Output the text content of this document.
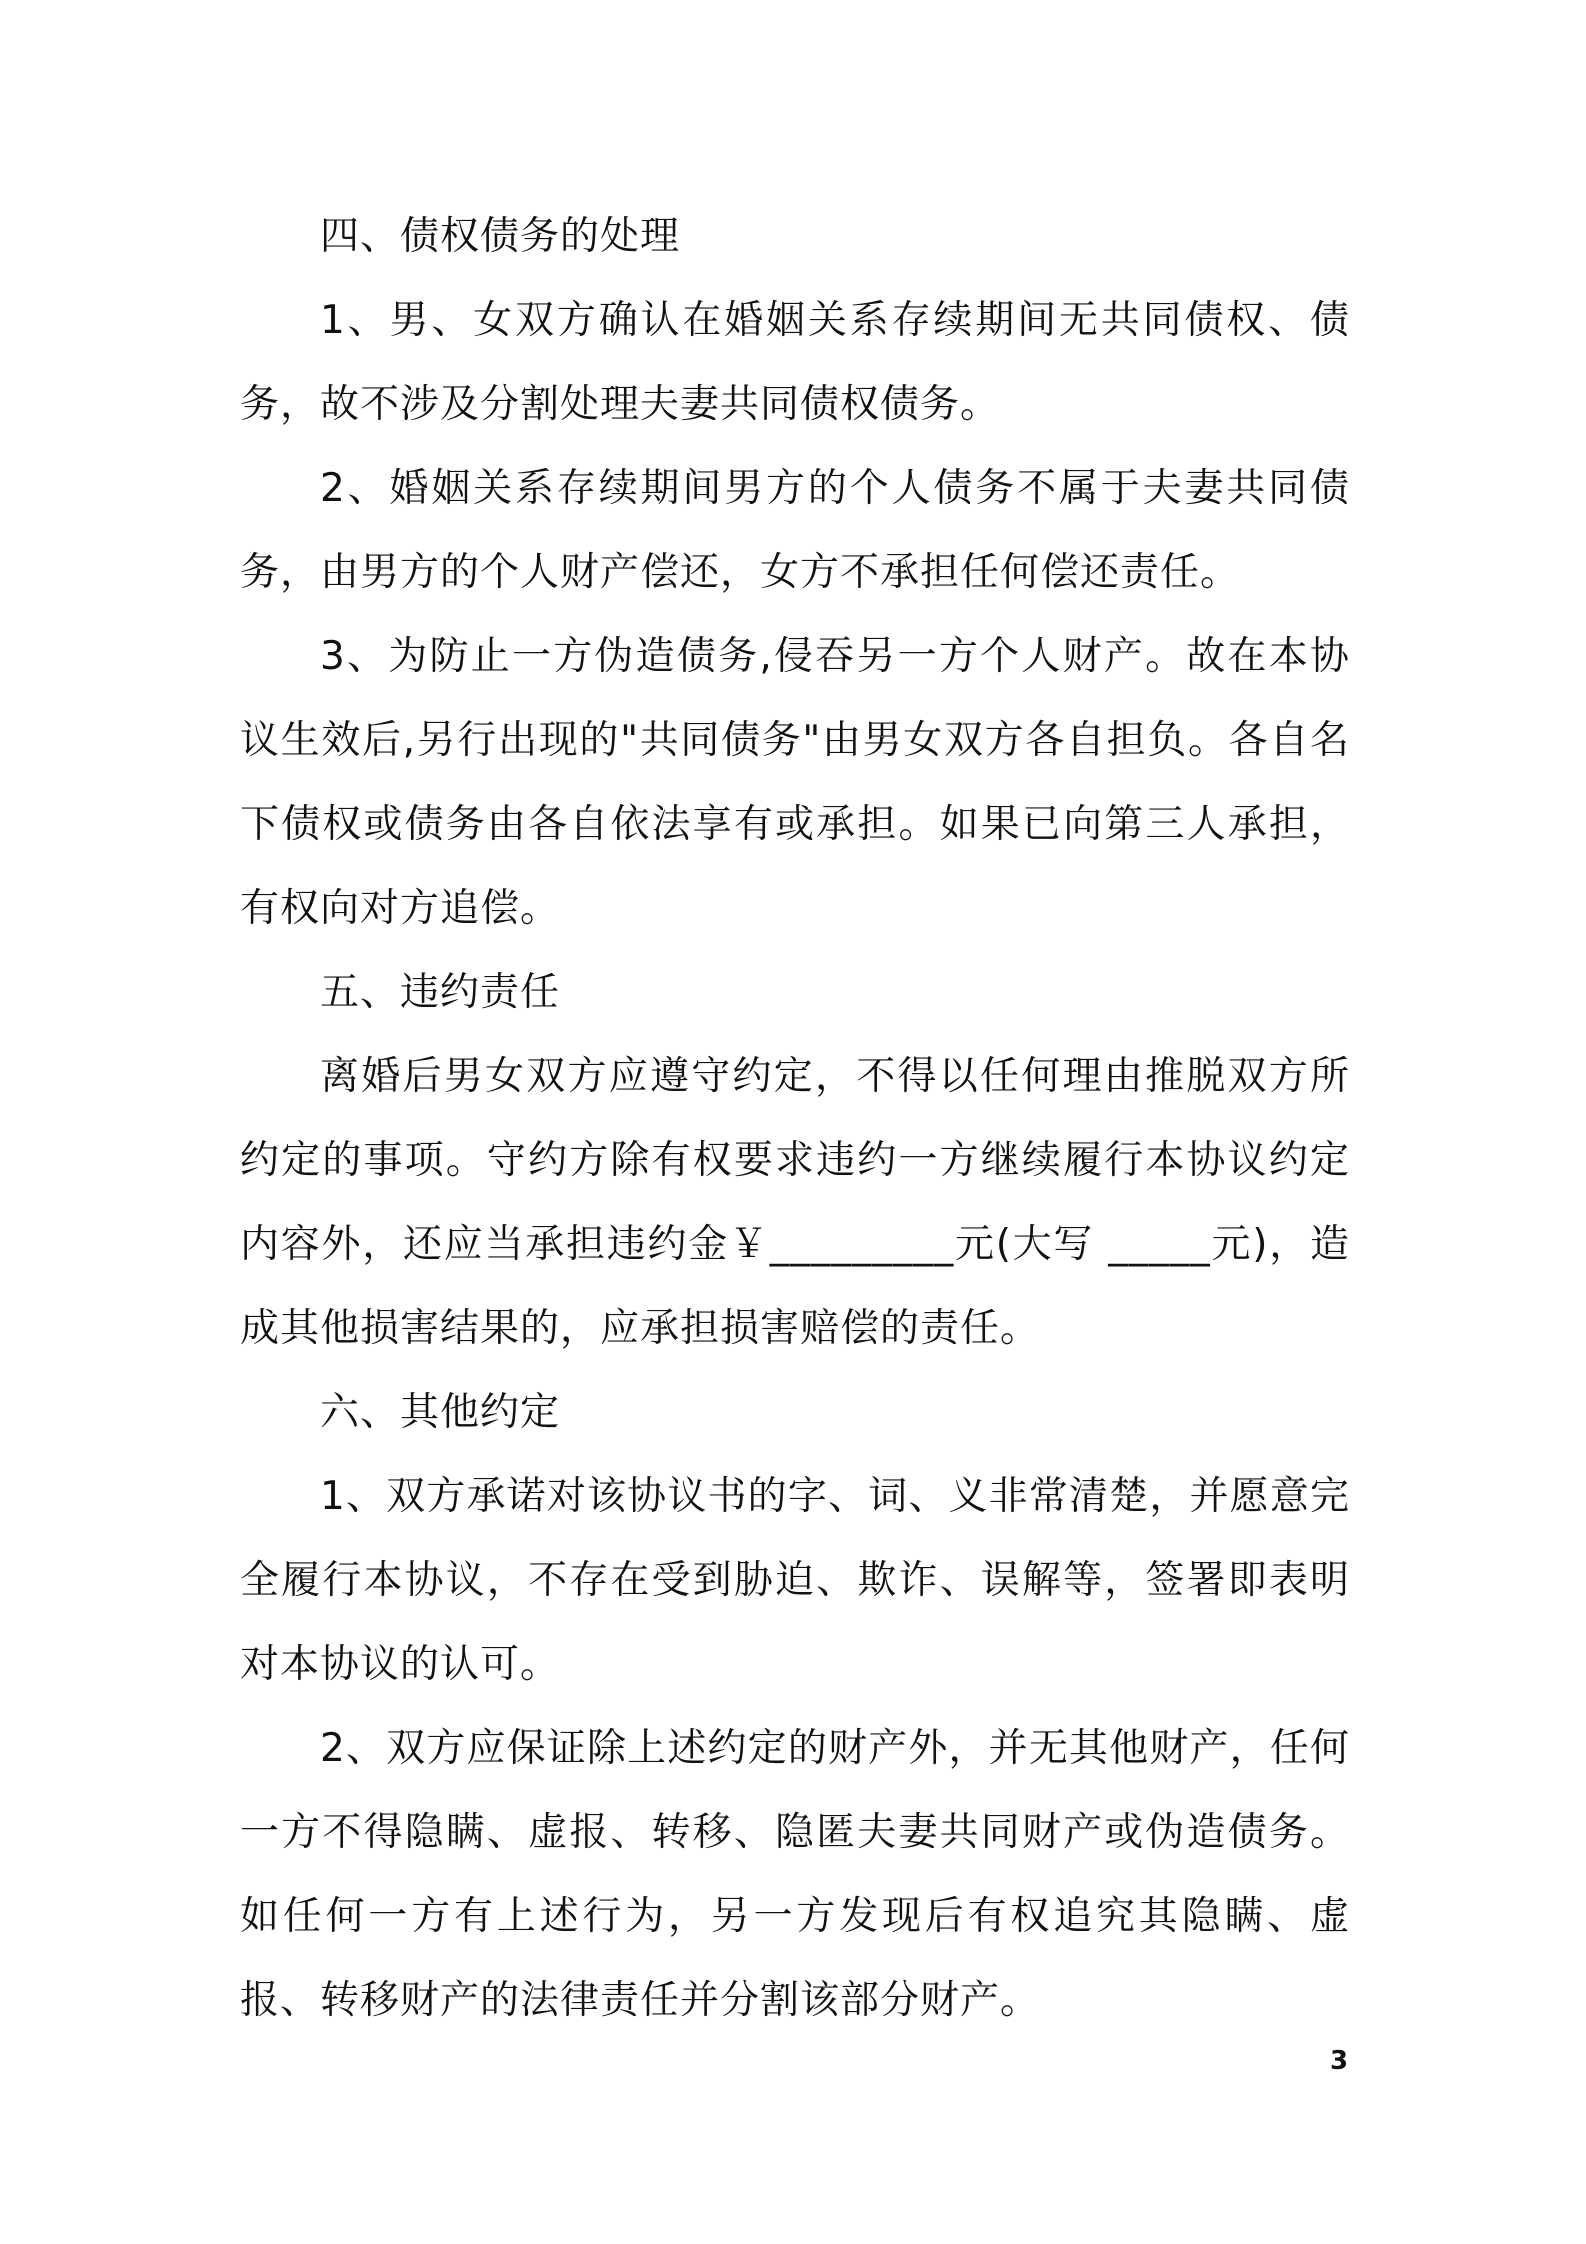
四、债权债务的处理

1、男、女双方确认在婚姻关系存续期间无共同债权、债务，故不涉及分割处理夫妻共同债权债务。

2、婚姻关系存续期间男方的个人债务不属于夫妻共同债务，由男方的个人财产偿还，女方不承担任何偿还责任。

3、为防止一方伪造债务,侵吞另一方个人财产。故在本协议生效后,另行出现的"共同债务"由男女双方各自担负。各自名下债权或债务由各自依法享有或承担。如果已向第三人承担，有权向对方追偿。

五、违约责任

离婚后男女双方应遵守约定，不得以任何理由推脱双方所约定的事项。守约方除有权要求违约一方继续履行本协议约定内容外，还应当承担违约金￥_________元(大写 _____元)，造成其他损害结果的，应承担损害赔偿的责任。

六、其他约定

1、双方承诺对该协议书的字、词、义非常清楚，并愿意完全履行本协议，不存在受到胁迫、欺诈、误解等，签署即表明对本协议的认可。

2、双方应保证除上述约定的财产外，并无其他财产，任何一方不得隐瞒、虚报、转移、隐匿夫妻共同财产或伪造债务。如任何一方有上述行为，另一方发现后有权追究其隐瞒、虚报、转移财产的法律责任并分割该部分财产。

3
